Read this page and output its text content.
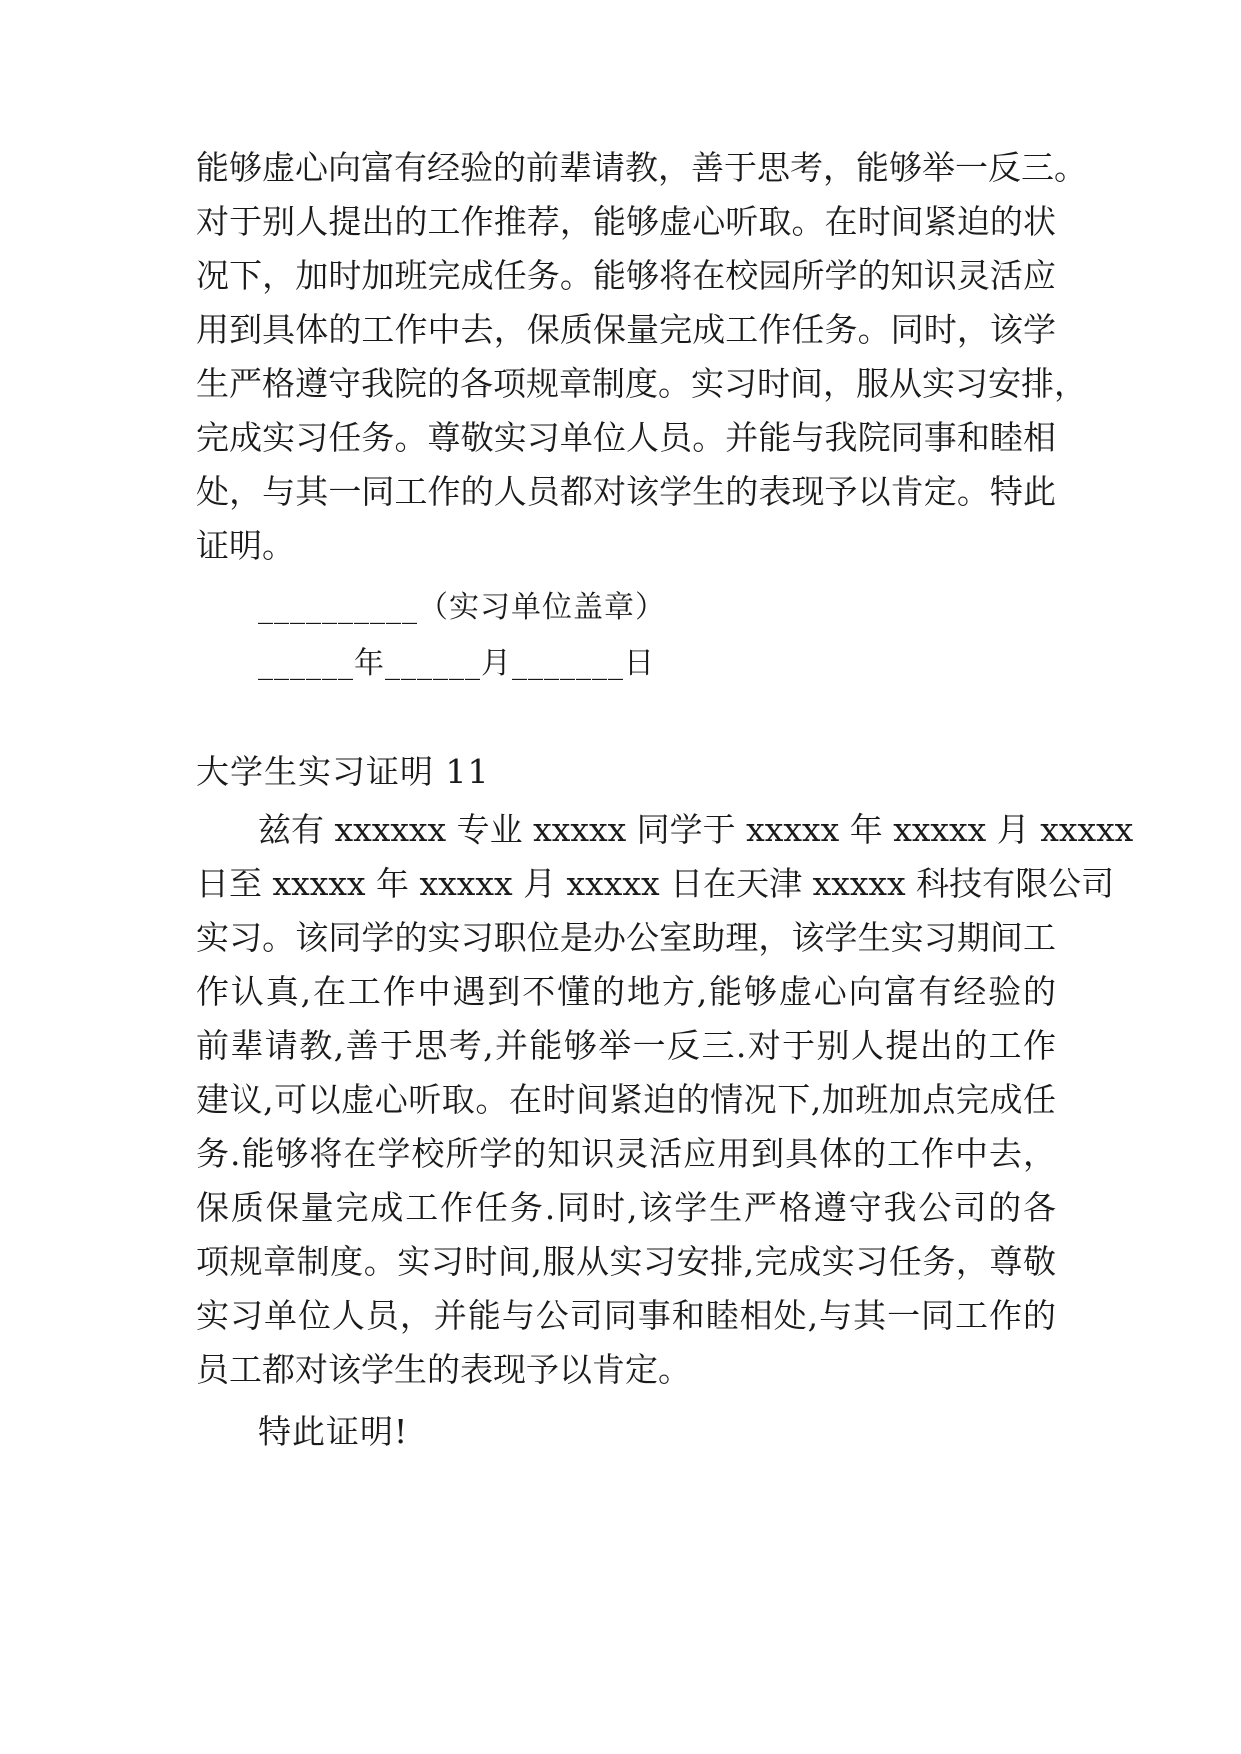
能够虚心向富有经验的前辈请教，善于思考，能够举一反三。
对于别人提出的工作推荐，能够虚心听取。在时间紧迫的状
况下，加时加班完成任务。能够将在校园所学的知识灵活应
用到具体的工作中去，保质保量完成工作任务。同时，该学
生严格遵守我院的各项规章制度。实习时间，服从实习安排，
完成实习任务。尊敬实习单位人员。并能与我院同事和睦相
处，与其一同工作的人员都对该学生的表现予以肯定。特此
证明。
__________（实习单位盖章）
______年______月_______日
大学生实习证明 11
兹有 xxxxxx 专业 xxxxx 同学于 xxxxx 年 xxxxx 月 xxxxx
日至 xxxxx 年 xxxxx 月 xxxxx 日在天津 xxxxx 科技有限公司
实习。该同学的实习职位是办公室助理，该学生实习期间工
作认真,在工作中遇到不懂的地方,能够虚心向富有经验的
前辈请教,善于思考,并能够举一反三.对于别人提出的工作
建议,可以虚心听取。在时间紧迫的情况下,加班加点完成任
务.能够将在学校所学的知识灵活应用到具体的工作中去，
保质保量完成工作任务.同时,该学生严格遵守我公司的各
项规章制度。实习时间,服从实习安排,完成实习任务，尊敬
实习单位人员，并能与公司同事和睦相处,与其一同工作的
员工都对该学生的表现予以肯定。
特此证明!
